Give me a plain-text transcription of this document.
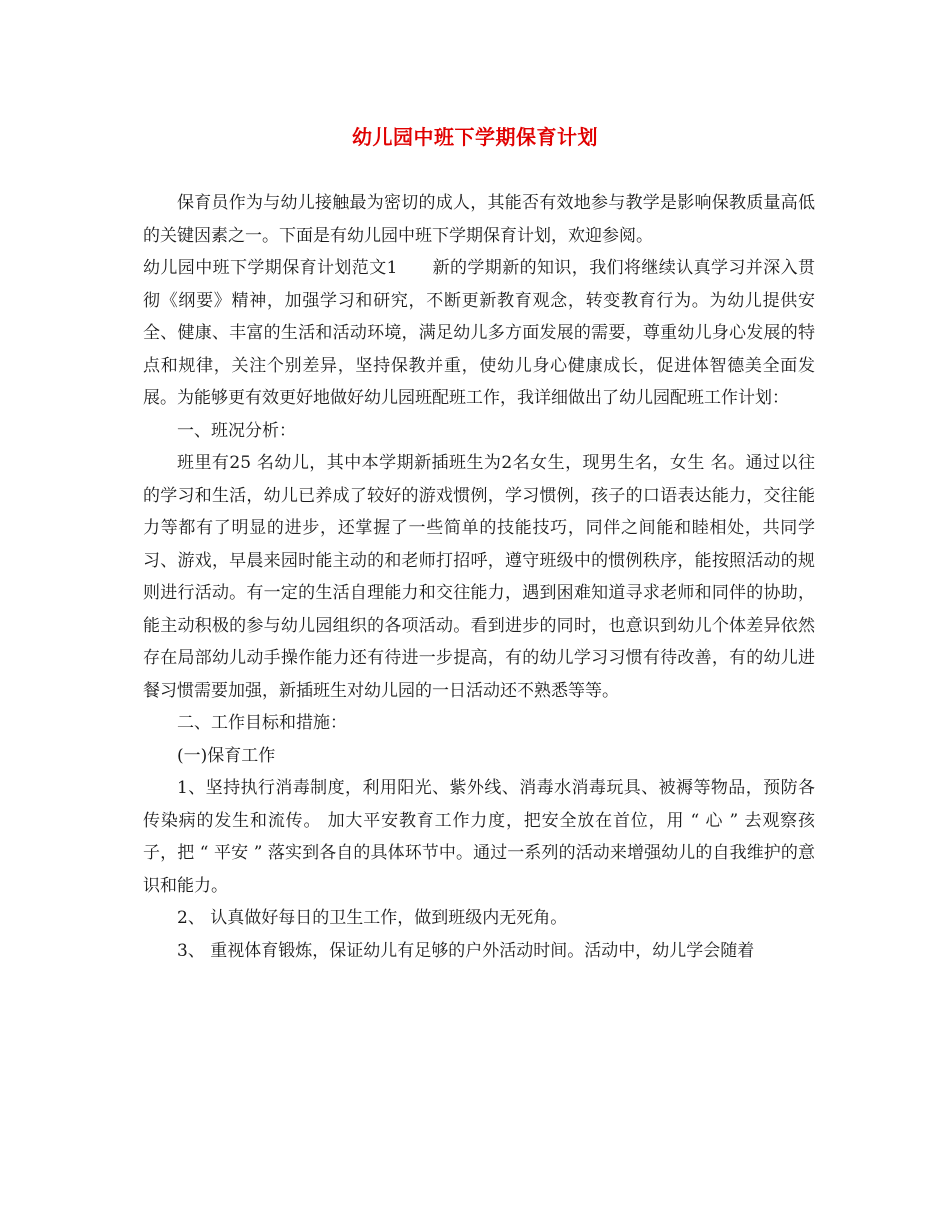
幼儿园中班下学期保育计划

保育员作为与幼儿接触最为密切的成人，其能否有效地参与教学是影响保教质量高低的关键因素之一。下面是有幼儿园中班下学期保育计划，欢迎参阅。

幼儿园中班下学期保育计划范文1　　新的学期新的知识，我们将继续认真学习并深入贯彻《纲要》精神，加强学习和研究，不断更新教育观念，转变教育行为。为幼儿提供安全、健康、丰富的生活和活动环境，满足幼儿多方面发展的需要，尊重幼儿身心发展的特点和规律，关注个别差异，坚持保教并重，使幼儿身心健康成长，促进体智德美全面发展。为能够更有效更好地做好幼儿园班配班工作，我详细做出了幼儿园配班工作计划：

一、班况分析：

班里有25 名幼儿，其中本学期新插班生为2名女生，现男生名，女生 名。通过以往的学习和生活，幼儿已养成了较好的游戏惯例，学习惯例，孩子的口语表达能力，交往能力等都有了明显的进步，还掌握了一些简单的技能技巧，同伴之间能和睦相处，共同学习、游戏，早晨来园时能主动的和老师打招呼，遵守班级中的惯例秩序，能按照活动的规则进行活动。有一定的生活自理能力和交往能力，遇到困难知道寻求老师和同伴的协助，能主动积极的参与幼儿园组织的各项活动。看到进步的同时，也意识到幼儿个体差异依然存在局部幼儿动手操作能力还有待进一步提高，有的幼儿学习习惯有待改善，有的幼儿进餐习惯需要加强，新插班生对幼儿园的一日活动还不熟悉等等。

二、工作目标和措施：

(一)保育工作

1、坚持执行消毒制度，利用阳光、紫外线、消毒水消毒玩具、被褥等物品，预防各传染病的发生和流传。 加大平安教育工作力度，把安全放在首位，用 “ 心 ” 去观察孩子，把 “ 平安 ” 落实到各自的具体环节中。通过一系列的活动来增强幼儿的自我维护的意识和能力。

2、 认真做好每日的卫生工作，做到班级内无死角。

3、 重视体育锻炼，保证幼儿有足够的户外活动时间。活动中，幼儿学会随着
